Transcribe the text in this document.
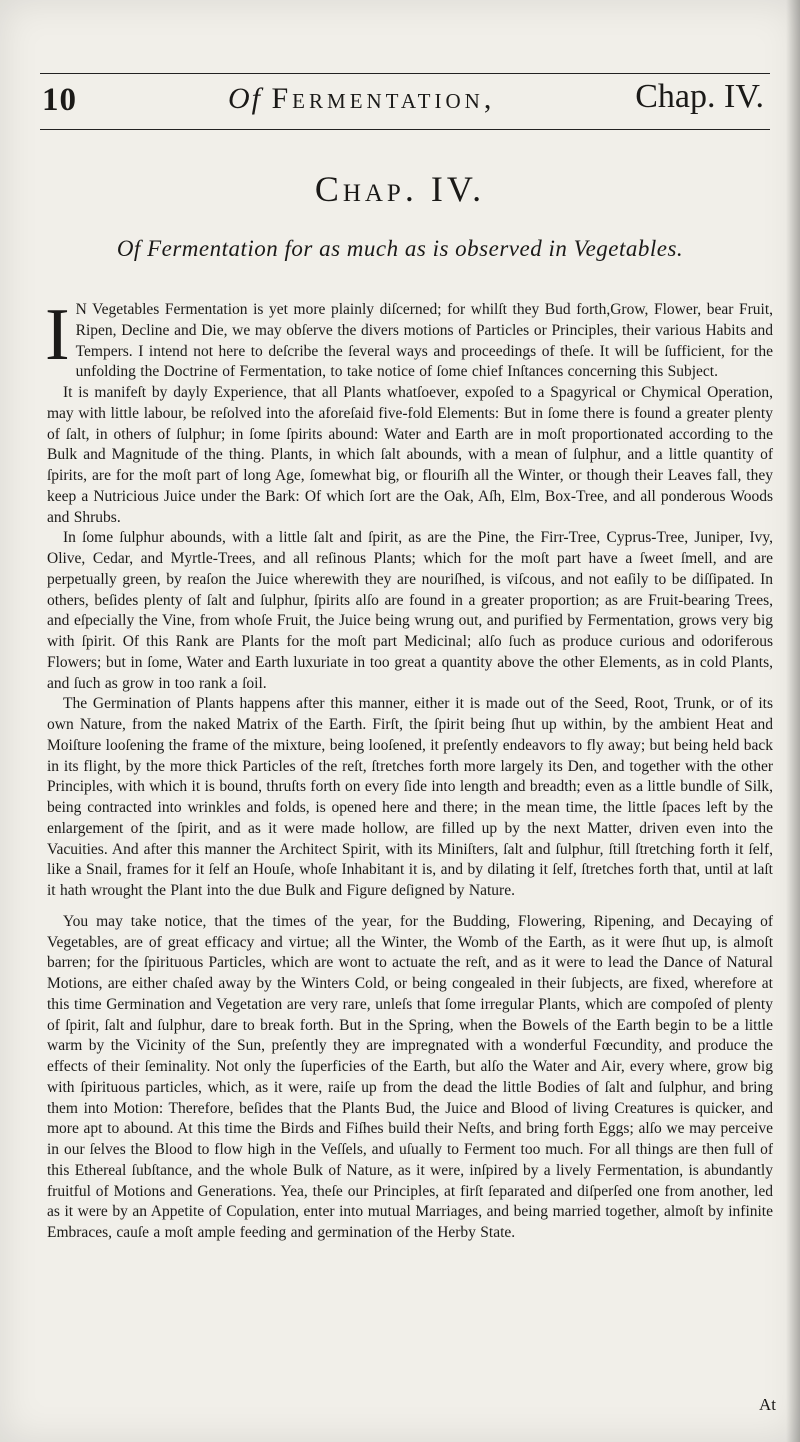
10	Of Fermentation,	Chap. IV.
Chap. IV.
Of Fermentation for as much as is observed in Vegetables.

I N Vegetables Fermentation is yet more plainly diſcerned; for whilſt they Bud forth,Grow, Flower, bear Fruit, Ripen, Decline and Die, we may obſerve the divers motions of Particles or Principles, their various Habits and Tempers. I intend not here to deſcribe the ſeveral ways and proceedings of theſe. It will be ſufficient, for the unfolding the Doctrine of Fermentation, to take notice of ſome chief Inſtances concerning this Subject.

It is manifeſt by dayly Experience, that all Plants whatſoever, expoſed to a Spagyrical or Chymical Operation, may with little labour, be reſolved into the aforeſaid five-fold Elements: But in ſome there is found a greater plenty of ſalt, in others of ſulphur; in ſome ſpirits abound: Water and Earth are in moſt proportionated according to the Bulk and Magnitude of the thing. Plants, in which ſalt abounds, with a mean of ſulphur, and a little quantity of ſpirits, are for the moſt part of long Age, ſomewhat big, or flouriſh all the Winter, or though their Leaves fall, they keep a Nutricious Juice under the Bark: Of which ſort are the Oak, Aſh, Elm, Box-Tree, and all ponderous Woods and Shrubs.

In ſome ſulphur abounds, with a little ſalt and ſpirit, as are the Pine, the Firr-Tree, Cyprus-Tree, Juniper, Ivy, Olive, Cedar, and Myrtle-Trees, and all reſinous Plants; which for the moſt part have a ſweet ſmell, and are perpetually green, by reaſon the Juice wherewith they are nouriſhed, is viſcous, and not eaſily to be diſſipated. In others, beſides plenty of ſalt and ſulphur, ſpirits alſo are found in a greater proportion; as are Fruit-bearing Trees, and eſpecially the Vine, from whoſe Fruit, the Juice being wrung out, and purified by Fermentation, grows very big with ſpirit. Of this Rank are Plants for the moſt part Medicinal; alſo ſuch as produce curious and odoriferous Flowers; but in ſome, Water and Earth luxuriate in too great a quantity above the other Elements, as in cold Plants, and ſuch as grow in too rank a ſoil.

The Germination of Plants happens after this manner, either it is made out of the Seed, Root, Trunk, or of its own Nature, from the naked Matrix of the Earth. Firſt, the ſpirit being ſhut up within, by the ambient Heat and Moiſture looſening the frame of the mixture, being looſened, it preſently endeavors to fly away; but being held back in its flight, by the more thick Particles of the reſt, ſtretches forth more largely its Den, and together with the other Principles, with which it is bound, thruſts forth on every ſide into length and breadth; even as a little bundle of Silk, being contracted into wrinkles and folds, is opened here and there; in the mean time, the little ſpaces left by the enlargement of the ſpirit, and as it were made hollow, are filled up by the next Matter, driven even into the Vacuities. And after this manner the Architect Spirit, with its Miniſters, ſalt and ſulphur, ſtill ſtretching forth it ſelf, like a Snail, frames for it ſelf an Houſe, whoſe Inhabitant it is, and by dilating it ſelf, ſtretches forth that, until at laſt it hath wrought the Plant into the due Bulk and Figure deſigned by Nature.

You may take notice, that the times of the year, for the Budding, Flowering, Ripening, and Decaying of Vegetables, are of great efficacy and virtue; all the Winter, the Womb of the Earth, as it were ſhut up, is almoſt barren; for the ſpirituous Particles, which are wont to actuate the reſt, and as it were to lead the Dance of Natural Motions, are either chaſed away by the Winters Cold, or being congealed in their ſubjects, are fixed, wherefore at this time Germination and Vegetation are very rare, unleſs that ſome irregular Plants, which are compoſed of plenty of ſpirit, ſalt and ſulphur, dare to break forth. But in the Spring, when the Bowels of the Earth begin to be a little warm by the Vicinity of the Sun, preſently they are impregnated with a wonderful Fœcundity, and produce the effects of their ſeminality. Not only the ſuperficies of the Earth, but alſo the Water and Air, every where, grow big with ſpirituous particles, which, as it were, raiſe up from the dead the little Bodies of ſalt and ſulphur, and bring them into Motion: Therefore, beſides that the Plants Bud, the Juice and Blood of living Creatures is quicker, and more apt to abound. At this time the Birds and Fiſhes build their Neſts, and bring forth Eggs; alſo we may perceive in our ſelves the Blood to flow high in the Veſſels, and uſually to Ferment too much. For all things are then full of this Ethereal ſubſtance, and the whole Bulk of Nature, as it were, inſpired by a lively Fermentation, is abundantly fruitful of Motions and Generations. Yea, theſe our Principles, at firſt ſeparated and diſperſed one from another, led as it were by an Appetite of Copulation, enter into mutual Marriages, and being married together, almoſt by infinite Embraces, cauſe a moſt ample feeding and germination of the Herby State.

At
